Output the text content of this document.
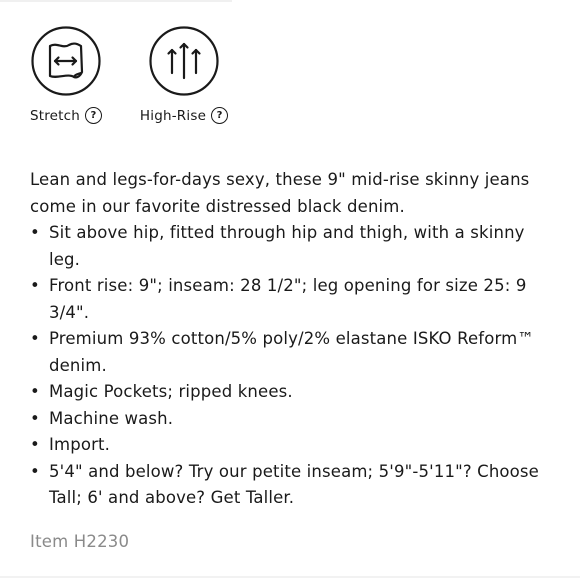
Stretch	?	High-Rise	?

Lean and legs-for-days sexy, these 9" mid-rise skinny jeans come in our favorite distressed black denim.

• Sit above hip, fitted through hip and thigh, with a skinny leg.
• Front rise: 9"; inseam: 28 1/2"; leg opening for size 25: 9 3/4".
• Premium 93% cotton/5% poly/2% elastane ISKO Reform™ denim.
• Magic Pockets; ripped knees.
• Machine wash.
• Import.
• 5'4" and below? Try our petite inseam; 5'9"-5'11"? Choose Tall; 6' and above? Get Taller.
Item H2230
